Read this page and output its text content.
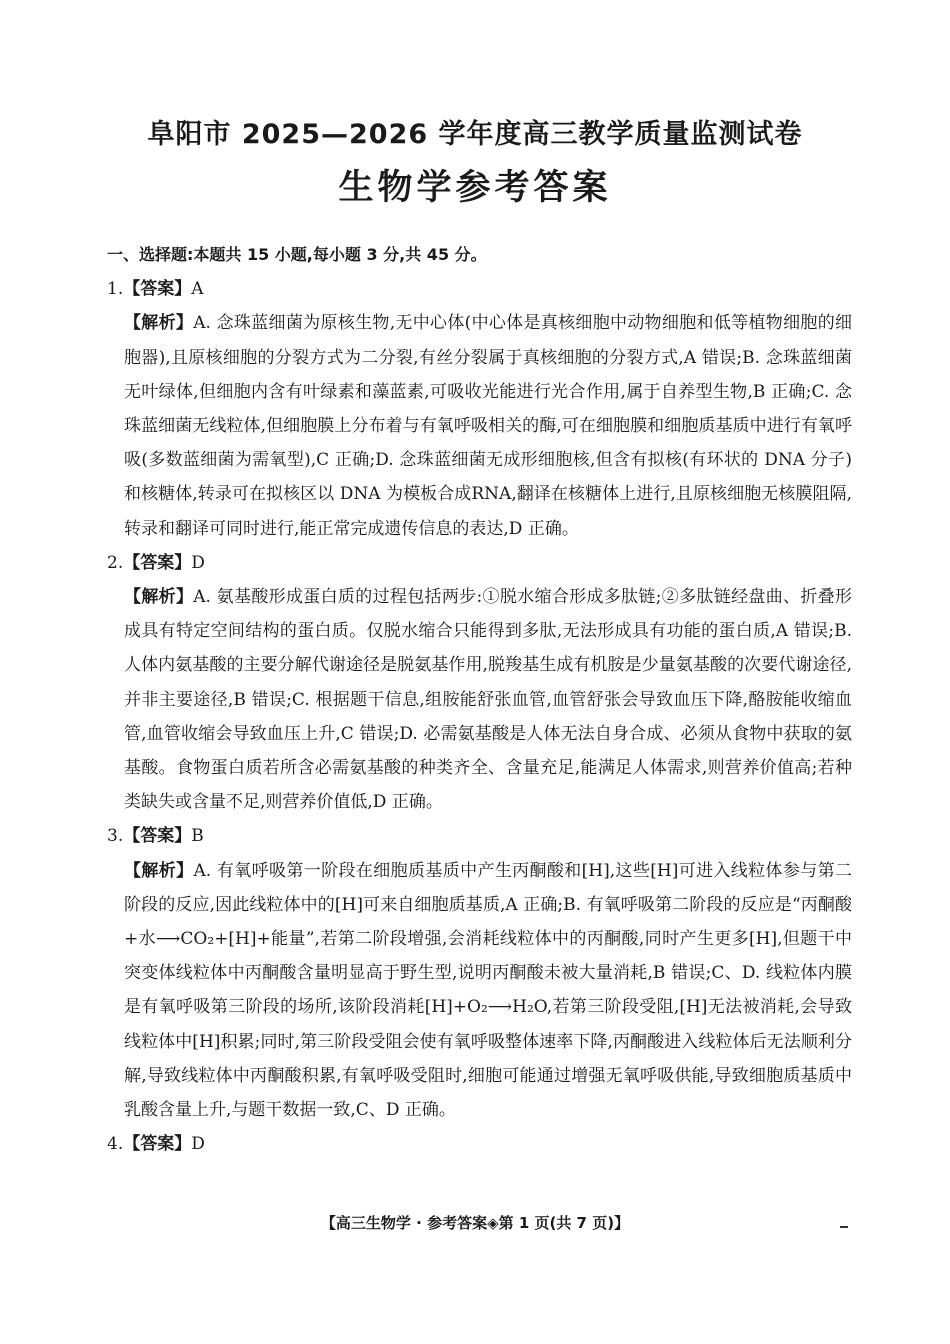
阜阳市 2025—2026 学年度高三教学质量监测试卷
生物学参考答案
一、选择题:本题共 15 小题,每小题 3 分,共 45 分。
1.【答案】A
【解析】A. 念珠蓝细菌为原核生物,无中心体(中心体是真核细胞中动物细胞和低等植物细胞的细胞器),且原核细胞的分裂方式为二分裂,有丝分裂属于真核细胞的分裂方式,A 错误;B. 念珠蓝细菌无叶绿体,但细胞内含有叶绿素和藻蓝素,可吸收光能进行光合作用,属于自养型生物,B 正确;C. 念珠蓝细菌无线粒体,但细胞膜上分布着与有氧呼吸相关的酶,可在细胞膜和细胞质基质中进行有氧呼吸(多数蓝细菌为需氧型),C 正确;D. 念珠蓝细菌无成形细胞核,但含有拟核(有环状的 DNA 分子)和核糖体,转录可在拟核区以 DNA 为模板合成RNA,翻译在核糖体上进行,且原核细胞无核膜阻隔,转录和翻译可同时进行,能正常完成遗传信息的表达,D 正确。
2.【答案】D
【解析】A. 氨基酸形成蛋白质的过程包括两步:①脱水缩合形成多肽链;②多肽链经盘曲、折叠形成具有特定空间结构的蛋白质。仅脱水缩合只能得到多肽,无法形成具有功能的蛋白质,A 错误;B. 人体内氨基酸的主要分解代谢途径是脱氨基作用,脱羧基生成有机胺是少量氨基酸的次要代谢途径,并非主要途径,B 错误;C. 根据题干信息,组胺能舒张血管,血管舒张会导致血压下降,酪胺能收缩血管,血管收缩会导致血压上升,C 错误;D. 必需氨基酸是人体无法自身合成、必须从食物中获取的氨基酸。食物蛋白质若所含必需氨基酸的种类齐全、含量充足,能满足人体需求,则营养价值高;若种类缺失或含量不足,则营养价值低,D 正确。
3.【答案】B
【解析】A. 有氧呼吸第一阶段在细胞质基质中产生丙酮酸和[H],这些[H]可进入线粒体参与第二阶段的反应,因此线粒体中的[H]可来自细胞质基质,A 正确;B. 有氧呼吸第二阶段的反应是“丙酮酸+水⟶CO₂+[H]+能量”,若第二阶段增强,会消耗线粒体中的丙酮酸,同时产生更多[H],但题干中突变体线粒体中丙酮酸含量明显高于野生型,说明丙酮酸未被大量消耗,B 错误;C、D. 线粒体内膜是有氧呼吸第三阶段的场所,该阶段消耗[H]+O₂⟶H₂O,若第三阶段受阻,[H]无法被消耗,会导致线粒体中[H]积累;同时,第三阶段受阻会使有氧呼吸整体速率下降,丙酮酸进入线粒体后无法顺利分解,导致线粒体中丙酮酸积累,有氧呼吸受阻时,细胞可能通过增强无氧呼吸供能,导致细胞质基质中乳酸含量上升,与题干数据一致,C、D 正确。
4.【答案】D
【高三生物学 · 参考答案◈第 1 页(共 7 页)】
